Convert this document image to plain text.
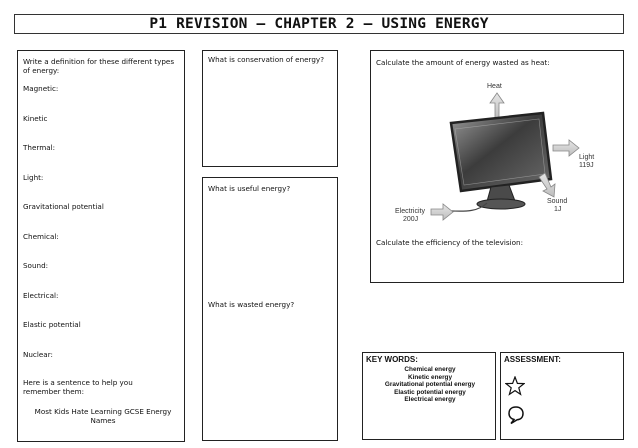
P1 REVISION – CHAPTER 2 – USING ENERGY
Write a definition for these different types of energy:
Magnetic:
Kinetic
Thermal:
Light:
Gravitational potential
Chemical:
Sound:
Electrical:
Elastic potential
Nuclear:
Here is a sentence to help you remember them:
Most Kids Hate Learning GCSE Energy Names
What is conservation of energy?
What is useful energy?
What is wasted energy?
Calculate the amount of energy wasted as heat:
Heat
Light
119J
Sound
1J
Electricity
200J
Calculate the efficiency of the television:
KEY WORDS:
Chemical energy
Kinetic energy
Gravitational potential energy
Elastic potential energy
Electrical energy
ASSESSMENT:
